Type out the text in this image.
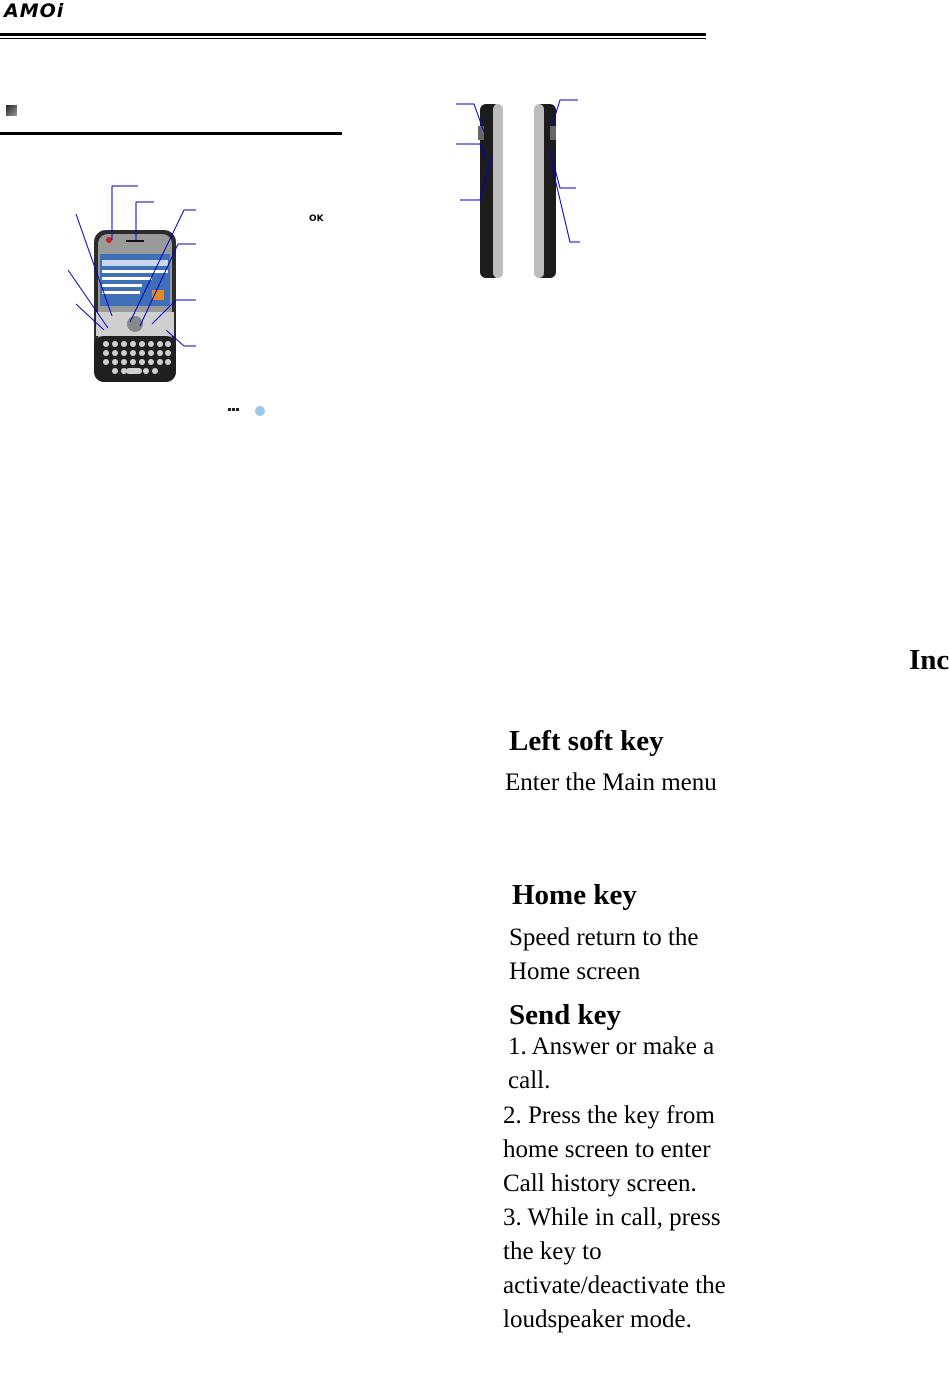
AMOi
OK
Inc
Left soft key
Enter the Main menu
Home key
Speed return to the
Home screen
Send key
1. Answer or make a
call.
2. Press the key from
home screen to enter
Call history screen.
3. While in call, press
the key to
activate/deactivate the
loudspeaker mode.
